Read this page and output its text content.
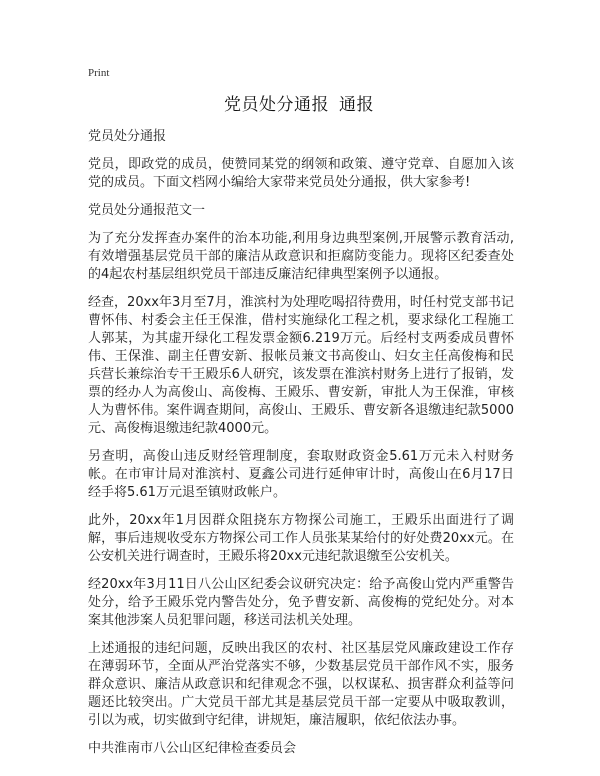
Print
党员处分通报 通报
党员处分通报

党员，即政党的成员，使赞同某党的纲领和政策、遵守党章、自愿加入该党的成员。下面文档网小编给大家带来党员处分通报，供大家参考!

党员处分通报范文一

为了充分发挥查办案件的治本功能,利用身边典型案例,开展警示教育活动,有效增强基层党员干部的廉洁从政意识和拒腐防变能力。现将区纪委查处的4起农村基层组织党员干部违反廉洁纪律典型案例予以通报。

经查，20xx年3月至7月，淮滨村为处理吃喝招待费用，时任村党支部书记曹怀伟、村委会主任王保淮，借村实施绿化工程之机，要求绿化工程施工人郭某，为其虚开绿化工程发票金额6.219万元。后经村支两委成员曹怀伟、王保淮、副主任曹安新、报帐员兼文书高俊山、妇女主任高俊梅和民兵营长兼综治专干王殿乐6人研究，该发票在淮滨村财务上进行了报销，发票的经办人为高俊山、高俊梅、王殿乐、曹安新，审批人为王保淮，审核人为曹怀伟。案件调查期间，高俊山、王殿乐、曹安新各退缴违纪款5000元、高俊梅退缴违纪款4000元。

另查明，高俊山违反财经管理制度，套取财政资金5.61万元未入村财务帐。在市审计局对淮滨村、夏鑫公司进行延伸审计时，高俊山在6月17日经手将5.61万元退至镇财政帐户。

此外，20xx年1月因群众阻挠东方物探公司施工，王殿乐出面进行了调解，事后违规收受东方物探公司工作人员张某某给付的好处费20xx元。在公安机关进行调查时，王殿乐将20xx元违纪款退缴至公安机关。

经20xx年3月11日八公山区纪委会议研究决定：给予高俊山党内严重警告处分，给予王殿乐党内警告处分，免予曹安新、高俊梅的党纪处分。对本案其他涉案人员犯罪问题，移送司法机关处理。

上述通报的违纪问题，反映出我区的农村、社区基层党风廉政建设工作存在薄弱环节，全面从严治党落实不够，少数基层党员干部作风不实，服务群众意识、廉洁从政意识和纪律观念不强，以权谋私、损害群众利益等问题还比较突出。广大党员干部尤其是基层党员干部一定要从中吸取教训，引以为戒，切实做到守纪律，讲规矩，廉洁履职，依纪依法办事。

中共淮南市八公山区纪律检查委员会
